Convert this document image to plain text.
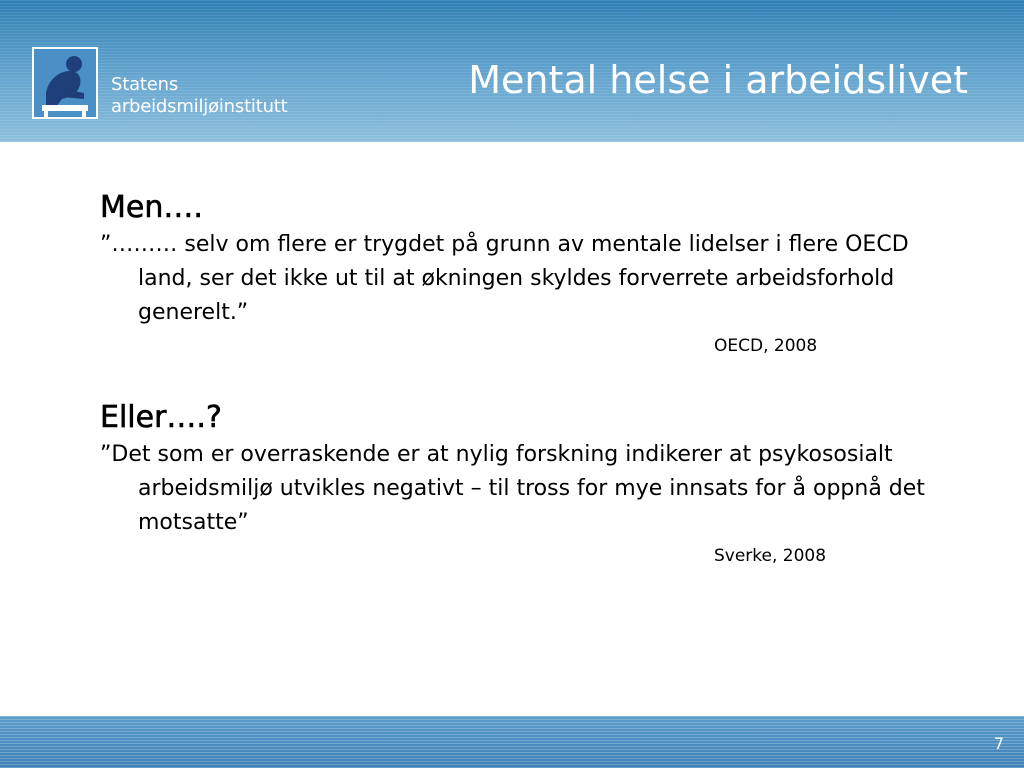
Statens
arbeidsmiljøinstitutt
Mental helse i arbeidslivet

Men….

”……… selv om flere er trygdet på grunn av mentale lidelser i flere OECD land, ser det ikke ut til at økningen skyldes forverrete arbeidsforhold generelt.”

OECD, 2008

Eller….?

”Det som er overraskende er at nylig forskning indikerer at psykososialt arbeidsmiljø utvikles negativt – til tross for mye innsats for å oppnå det motsatte”

Sverke, 2008

7
